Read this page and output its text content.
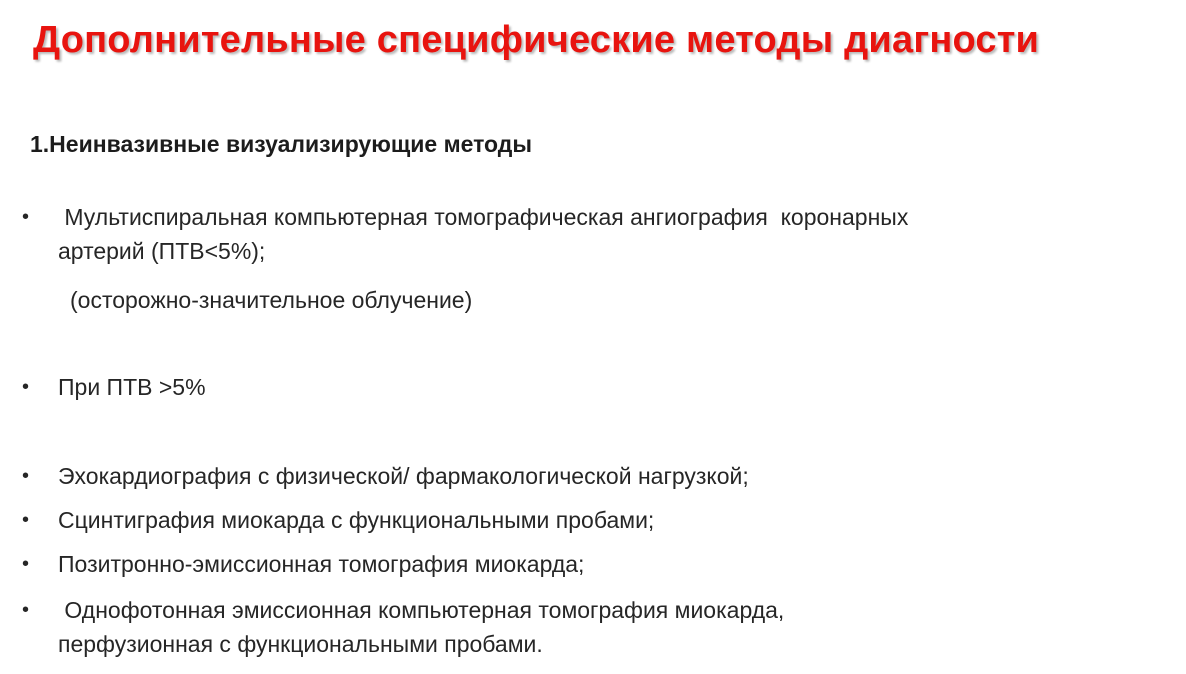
Дополнительные специфические методы диагности
1.Неинвазивные визуализирующие методы
•	Мультиспиральная компьютерная томографическая ангиография  коронарных
артерий (ПТВ<5%);
(осторожно-значительное облучение)
•	При ПТВ >5%
•	Эхокардиография с физической/ фармакологической нагрузкой;
•	Сцинтиграфия миокарда с функциональными пробами;
•	Позитронно-эмиссионная томография миокарда;
•	Однофотонная эмиссионная компьютерная томография миокарда,
перфузионная с функциональными пробами.
